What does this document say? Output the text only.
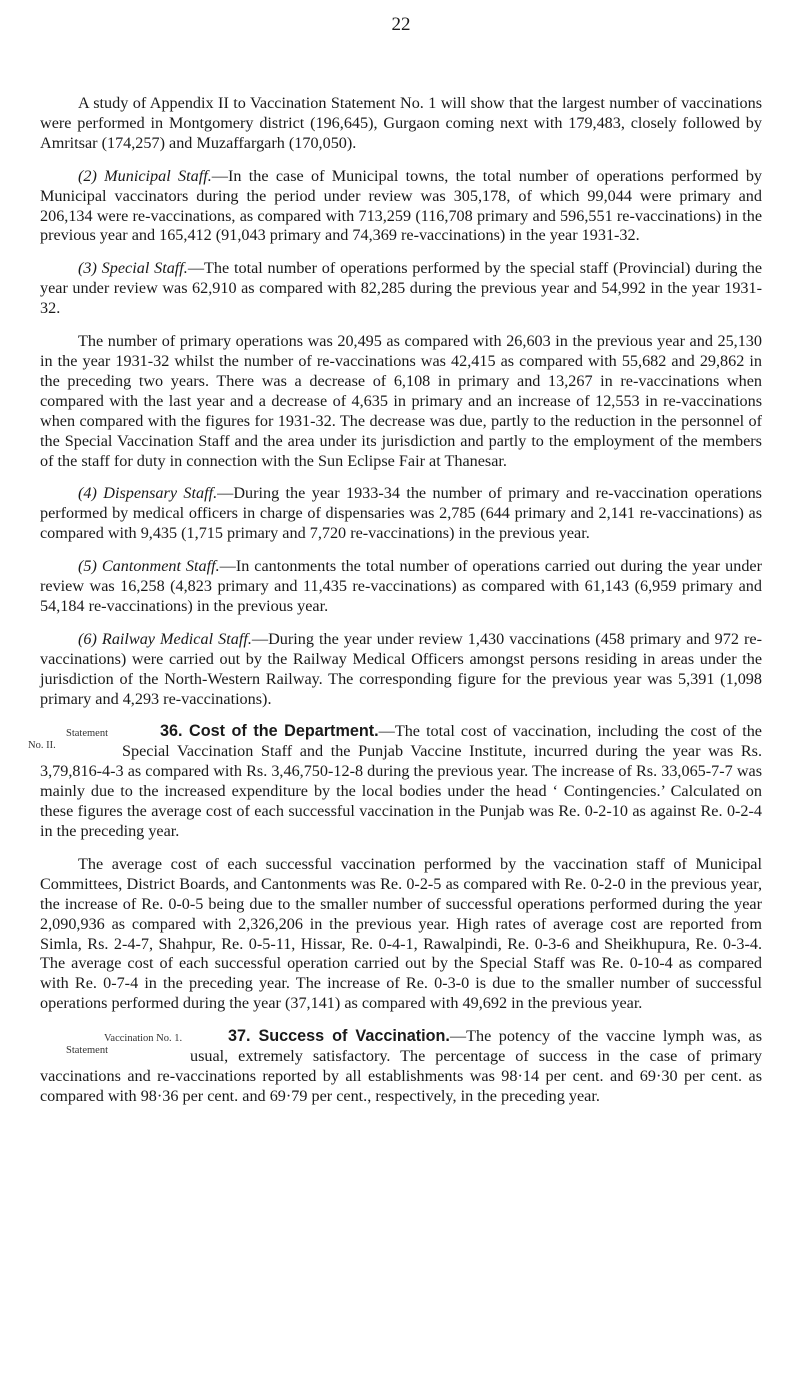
22

A study of Appendix II to Vaccination Statement No. 1 will show that the largest number of vaccinations were performed in Montgomery district (196,645), Gurgaon coming next with 179,483, closely followed by Amritsar (174,257) and Muzaffargarh (170,050).

(2) Municipal Staff.—In the case of Municipal towns, the total number of operations performed by Municipal vaccinators during the period under review was 305,178, of which 99,044 were primary and 206,134 were re-vaccinations, as compared with 713,259 (116,708 primary and 596,551 re-vaccinations) in the previous year and 165,412 (91,043 primary and 74,369 re-vaccinations) in the year 1931-32.

(3) Special Staff.—The total number of operations performed by the special staff (Provincial) during the year under review was 62,910 as compared with 82,285 during the previous year and 54,992 in the year 1931-32.

The number of primary operations was 20,495 as compared with 26,603 in the previous year and 25,130 in the year 1931-32 whilst the number of re-vaccinations was 42,415 as compared with 55,682 and 29,862 in the preceding two years. There was a decrease of 6,108 in primary and 13,267 in re-vaccinations when compared with the last year and a decrease of 4,635 in primary and an increase of 12,553 in re-vaccinations when compared with the figures for 1931-32. The decrease was due, partly to the reduction in the personnel of the Special Vaccination Staff and the area under its jurisdiction and partly to the employment of the members of the staff for duty in connection with the Sun Eclipse Fair at Thanesar.

(4) Dispensary Staff.—During the year 1933-34 the number of primary and re-vaccination operations performed by medical officers in charge of dispensaries was 2,785 (644 primary and 2,141 re-vaccinations) as compared with 9,435 (1,715 primary and 7,720 re-vaccinations) in the previous year.

(5) Cantonment Staff.—In cantonments the total number of operations carried out during the year under review was 16,258 (4,823 primary and 11,435 re-vaccinations) as compared with 61,143 (6,959 primary and 54,184 re-vaccinations) in the previous year.

(6) Railway Medical Staff.—During the year under review 1,430 vaccinations (458 primary and 972 re-vaccinations) were carried out by the Railway Medical Officers amongst persons residing in areas under the jurisdiction of the North-Western Railway. The corresponding figure for the previous year was 5,391 (1,098 primary and 4,293 re-vaccinations).

36. Cost of the Department.
Statement No. II.
—The total cost of vaccination, including the cost of the Special Vaccination Staff and the Punjab Vaccine Institute, incurred during the year was Rs. 3,79,816-4-3 as compared with Rs. 3,46,750-12-8 during the previous year. The increase of Rs. 33,065-7-7 was mainly due to the increased expenditure by the local bodies under the head ‘ Contingencies.’ Calculated on these figures the average cost of each successful vaccination in the Punjab was Re. 0-2-10 as against Re. 0-2-4 in the preceding year.

The average cost of each successful vaccination performed by the vaccination staff of Municipal Committees, District Boards, and Cantonments was Re. 0-2-5 as compared with Re. 0-2-0 in the previous year, the increase of Re. 0-0-5 being due to the smaller number of successful operations performed during the year 2,090,936 as compared with 2,326,206 in the previous year. High rates of average cost are reported from Simla, Rs. 2-4-7, Shahpur, Re. 0-5-11, Hissar, Re. 0-4-1, Rawalpindi, Re. 0-3-6 and Sheikhupura, Re. 0-3-4. The average cost of each successful operation carried out by the Special Staff was Re. 0-10-4 as compared with Re. 0-7-4 in the preceding year. The increase of Re. 0-3-0 is due to the smaller number of successful operations performed during the year (37,141) as compared with 49,692 in the previous year.

37. Success of Vaccination.
Vaccination No. 1.Statement
—The potency of the vaccine lymph was, as usual, extremely satisfactory. The percentage of success in the case of primary vaccinations and re-vaccinations reported by all establishments was 98·14 per cent. and 69·30 per cent. as compared with 98·36 per cent. and 69·79 per cent., respectively, in the preceding year.
